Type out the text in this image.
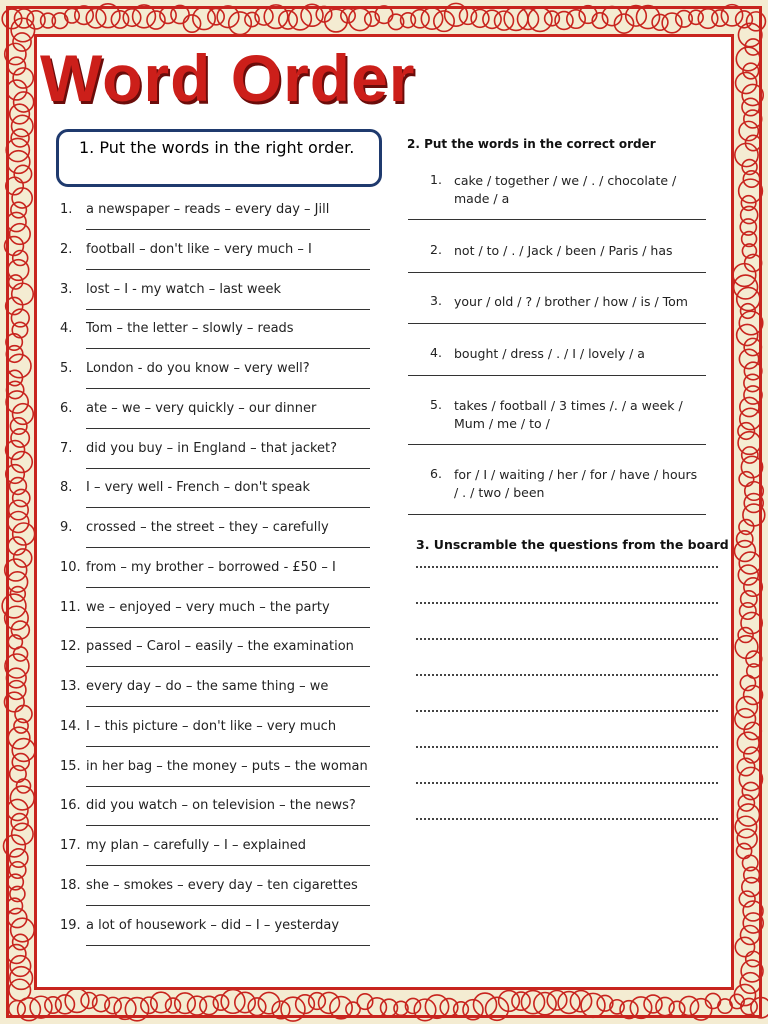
Word Order
1. Put the words in the right order.
1. a newspaper – reads – every day – Jill
2. football – don't like – very much – I
3. lost – I - my watch – last week
4. Tom – the letter – slowly – reads
5. London - do you know – very well?
6. ate – we – very quickly – our dinner
7. did you buy – in England – that jacket?
8. I – very well - French – don't speak
9. crossed – the street – they – carefully
10. from – my brother – borrowed - £50 – I
11. we – enjoyed – very much – the party
12. passed – Carol – easily – the examination
13. every day – do – the same thing – we
14. I – this picture – don't like – very much
15. in her bag – the money – puts – the woman
16. did you watch – on television – the news?
17. my plan – carefully – I – explained
18. she – smokes – every day – ten cigarettes
19. a lot of housework – did – I – yesterday
2. Put the words in the correct order
1. cake / together / we / . / chocolate / made / a
2. not / to / . / Jack / been / Paris / has
3. your / old / ? / brother / how / is / Tom
4. bought / dress / . / I / lovely / a
5. takes / football / 3 times /. / a week / Mum / me / to /
6. for / I / waiting / her / for / have / hours / . / two / been
3. Unscramble the questions from the board
